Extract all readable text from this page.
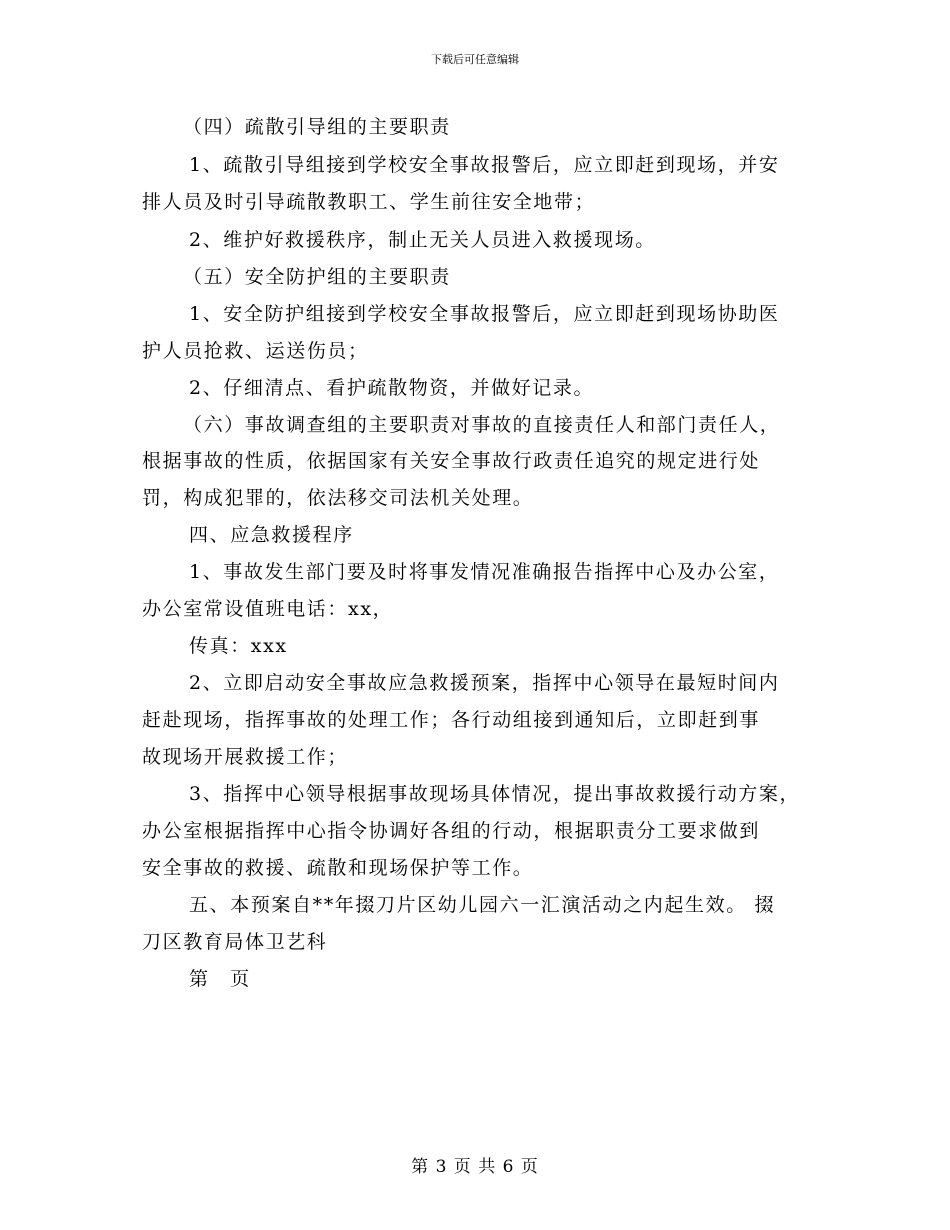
下载后可任意编辑
（四）疏散引导组的主要职责
1、疏散引导组接到学校安全事故报警后，应立即赶到现场，并安
排人员及时引导疏散教职工、学生前往安全地带；
2、维护好救援秩序，制止无关人员进入救援现场。
（五）安全防护组的主要职责
1、安全防护组接到学校安全事故报警后，应立即赶到现场协助医
护人员抢救、运送伤员；
2、仔细清点、看护疏散物资，并做好记录。
（六）事故调查组的主要职责对事故的直接责任人和部门责任人，
根据事故的性质，依据国家有关安全事故行政责任追究的规定进行处
罚，构成犯罪的，依法移交司法机关处理。
四、应急救援程序
1、事故发生部门要及时将事发情况准确报告指挥中心及办公室，
办公室常设值班电话：xx，
传真：xxx
2、立即启动安全事故应急救援预案，指挥中心领导在最短时间内
赶赴现场，指挥事故的处理工作；各行动组接到通知后，立即赶到事
故现场开展救援工作；
3、指挥中心领导根据事故现场具体情况，提出事故救援行动方案，
办公室根据指挥中心指令协调好各组的行动，根据职责分工要求做到
安全事故的救援、疏散和现场保护等工作。
五、本预案自**年掇刀片区幼儿园六一汇演活动之内起生效。 掇
刀区教育局体卫艺科
第　页
第 3 页 共 6 页
